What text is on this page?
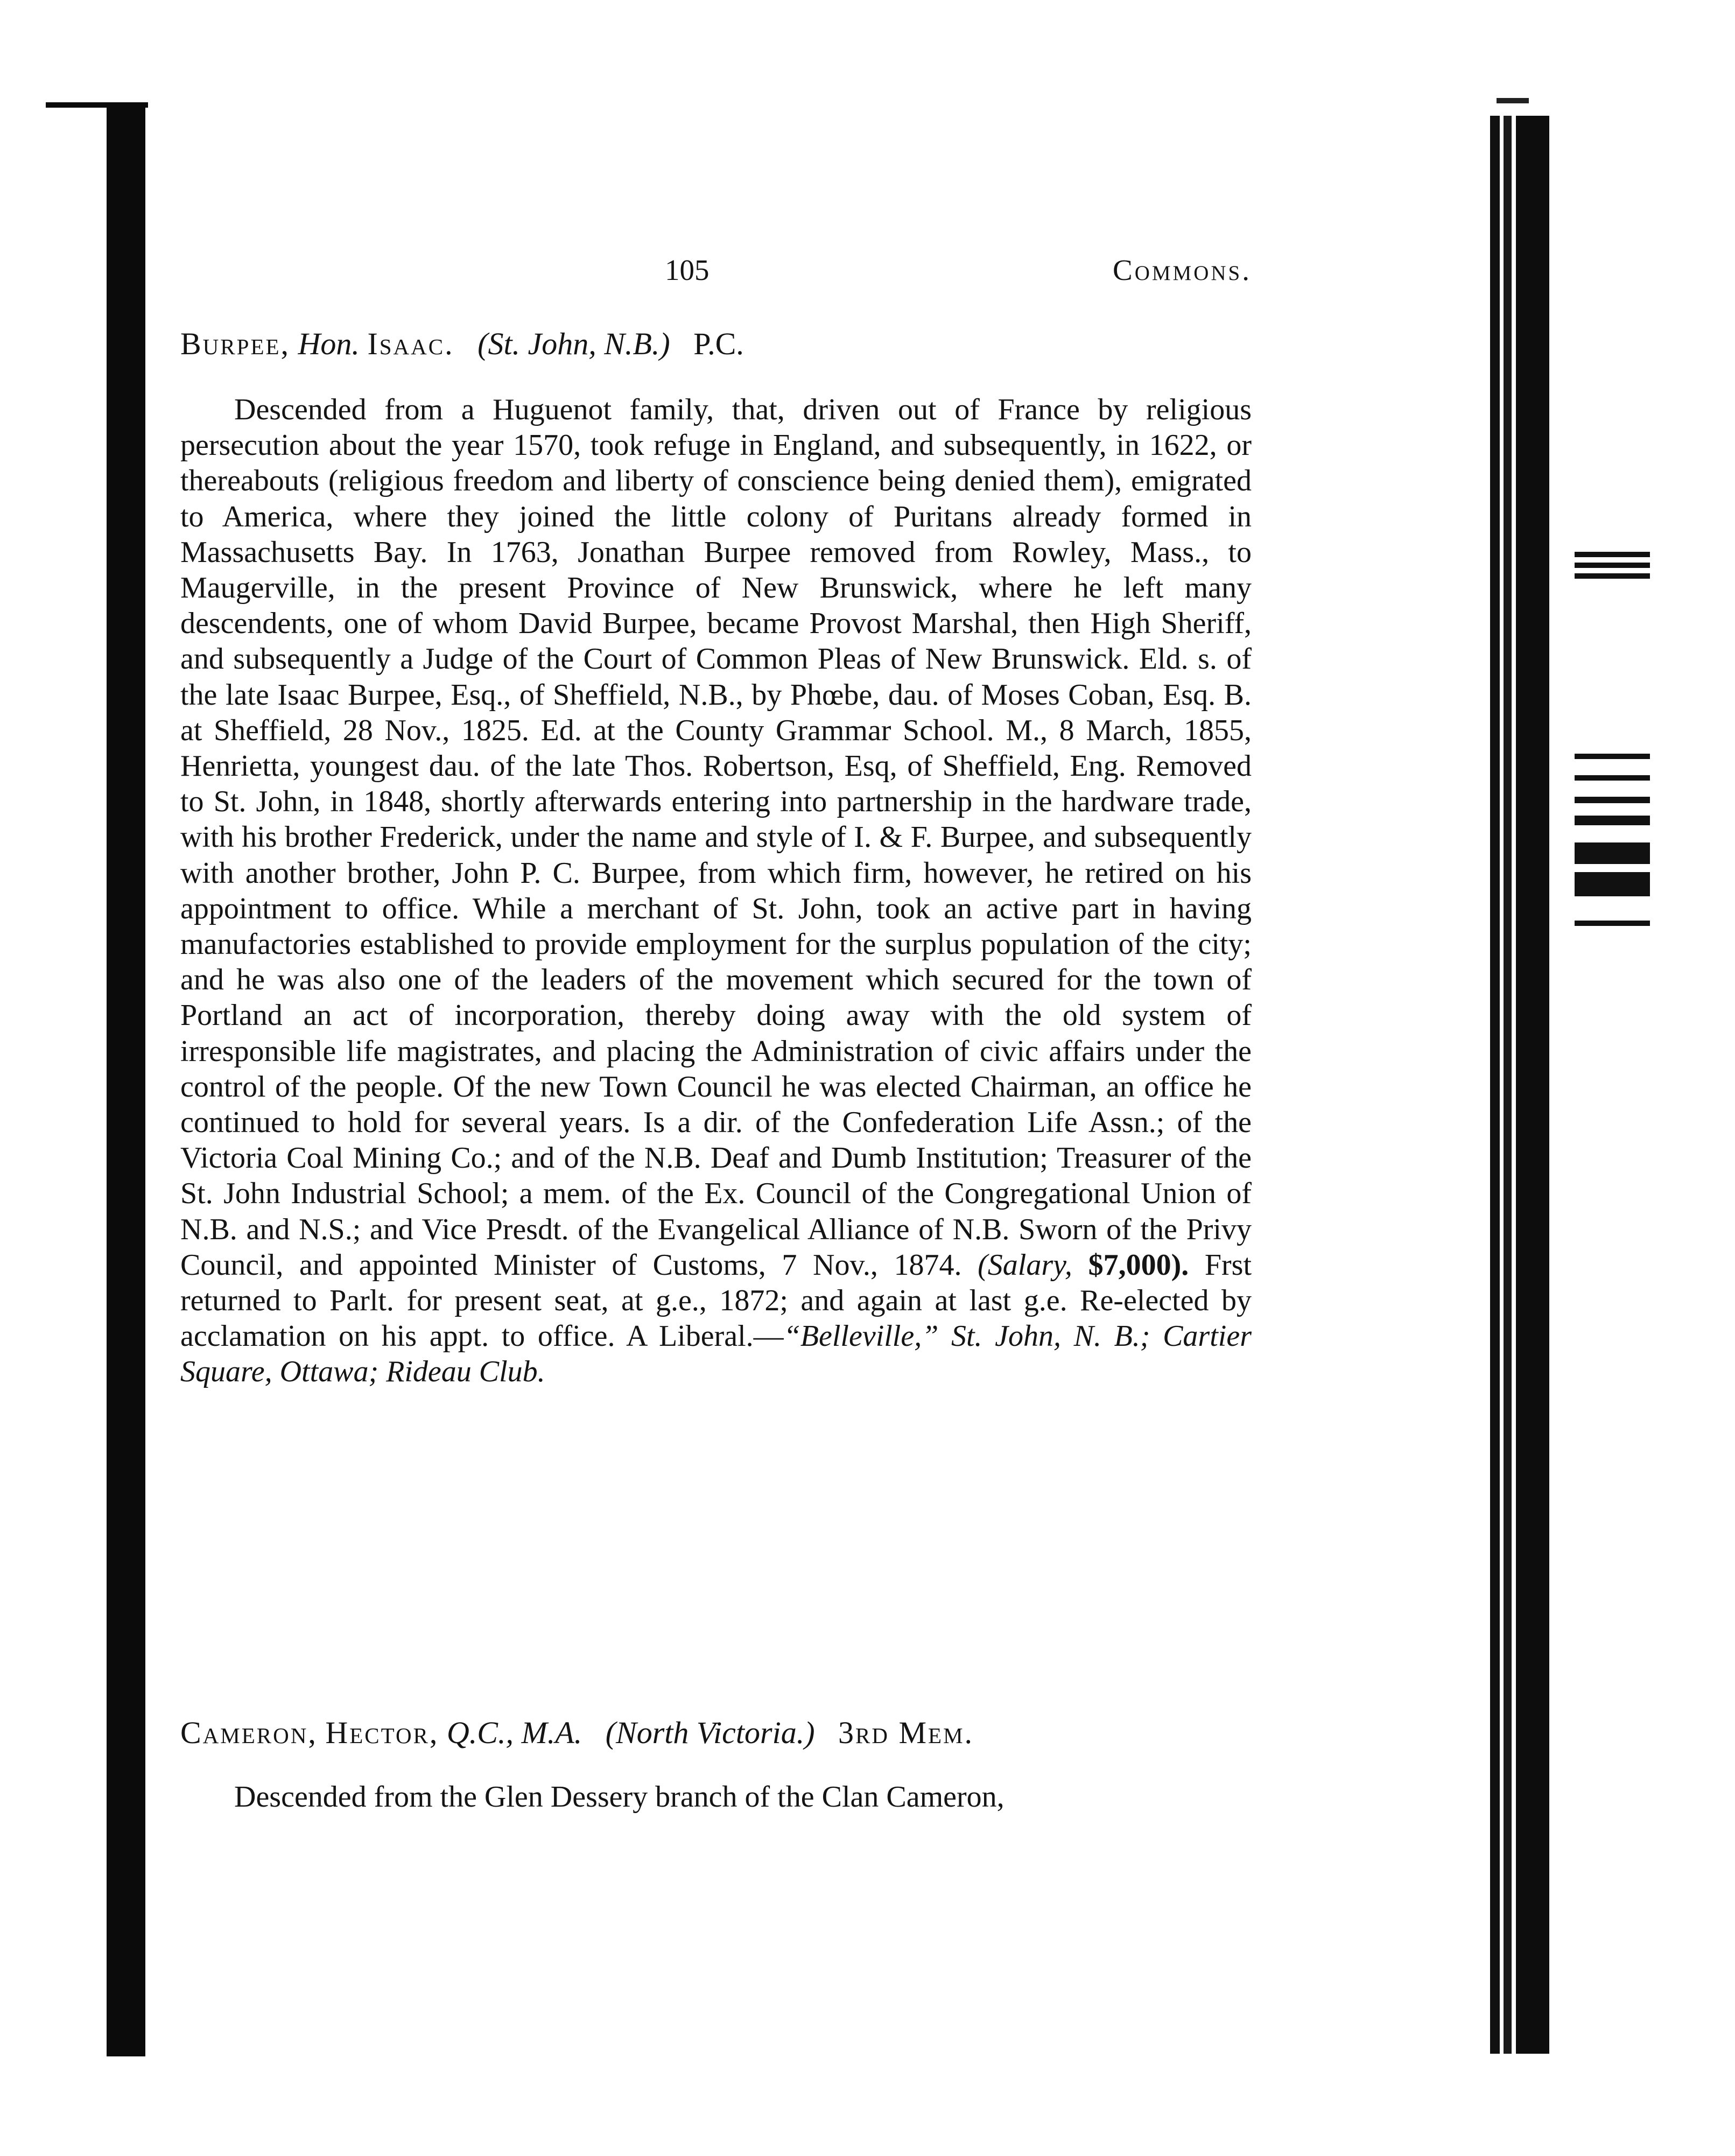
105	Commons.
Burpee, Hon. Isaac. (St. John, N.B.) P.C.

Descended from a Huguenot family, that, driven out of France by religious persecution about the year 1570, took refuge in England, and subsequently, in 1622, or thereabouts (religious freedom and liberty of conscience being denied them), emigrated to America, where they joined the little colony of Puritans already formed in Massachusetts Bay. In 1763, Jonathan Burpee removed from Rowley, Mass., to Maugerville, in the present Province of New Brunswick, where he left many descendents, one of whom David Burpee, became Provost Marshal, then High Sheriff, and subsequently a Judge of the Court of Common Pleas of New Brunswick. Eld. s. of the late Isaac Burpee, Esq., of Sheffield, N.B., by Phœbe, dau. of Moses Coban, Esq. B. at Sheffield, 28 Nov., 1825. Ed. at the County Grammar School. M., 8 March, 1855, Henrietta, youngest dau. of the late Thos. Robertson, Esq, of Sheffield, Eng. Removed to St. John, in 1848, shortly afterwards entering into partnership in the hardware trade, with his brother Frederick, under the name and style of I. & F. Burpee, and subsequently with another brother, John P. C. Burpee, from which firm, however, he retired on his appointment to office. While a merchant of St. John, took an active part in having manufactories established to provide employment for the surplus population of the city; and he was also one of the leaders of the movement which secured for the town of Portland an act of incorporation, thereby doing away with the old system of irresponsible life magistrates, and placing the Administration of civic affairs under the control of the people. Of the new Town Council he was elected Chairman, an office he continued to hold for several years. Is a dir. of the Confederation Life Assn.; of the Victoria Coal Mining Co.; and of the N.B. Deaf and Dumb Institution; Treasurer of the St. John Industrial School; a mem. of the Ex. Council of the Congregational Union of N.B. and N.S.; and Vice Presdt. of the Evangelical Alliance of N.B. Sworn of the Privy Council, and appointed Minister of Customs, 7 Nov., 1874. (Salary, $7,000). Frst returned to Parlt. for present seat, at g.e., 1872; and again at last g.e. Re-elected by acclamation on his appt. to office. A Liberal.—“Belleville,” St. John, N. B.; Cartier Square, Ottawa; Rideau Club.

Cameron, Hector, Q.C., M.A. (North Victoria.) 3rd Mem.

Descended from the Glen Dessery branch of the Clan Cameron,
